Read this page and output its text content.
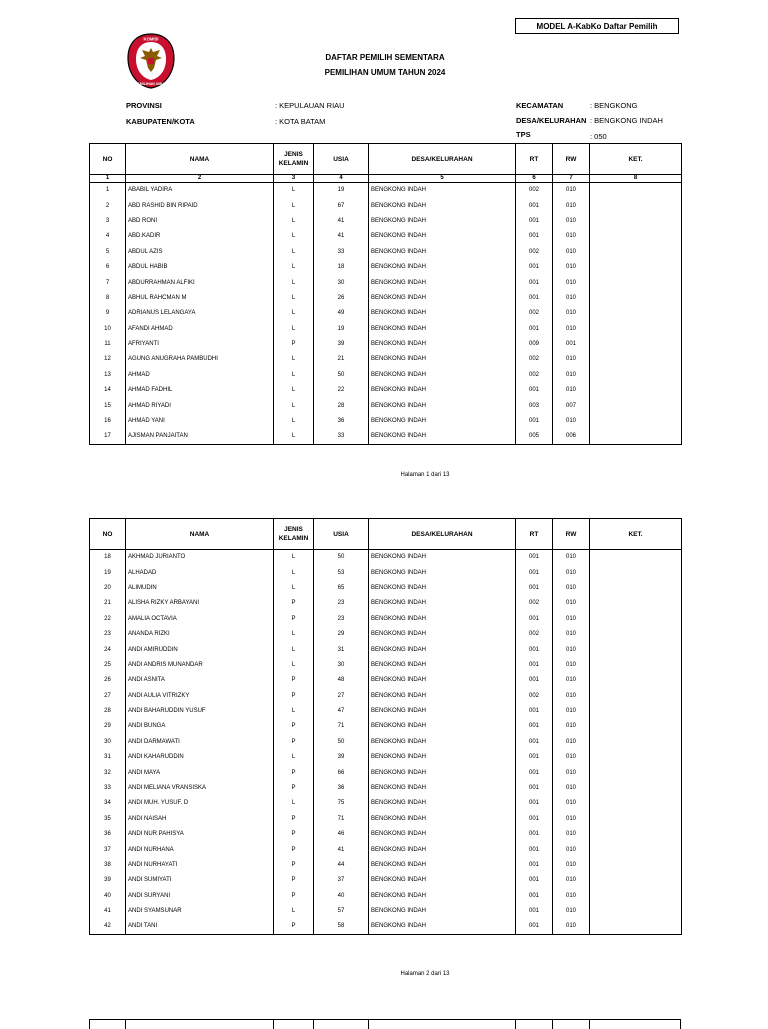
MODEL A-KabKo Daftar Pemilih
KOMISI
PEMILIHAN UMUM
DAFTAR PEMILIH SEMENTARA
PEMILIHAN UMUM TAHUN 2024
PROVINSI	: KEPULAUAN RIAU
KABUPATEN/KOTA	: KOTA BATAM
KECAMATAN	: BENGKONG
DESA/KELURAHAN : BENGKONG INDAH
TPS	: 050
NO	NAMA	JENIS
KELAMIN	USIA	DESA/KELURAHAN	RT	RW	KET.
1	2	3	4	5	6	7	8
1	ABABIL YADIRA	L	19	BENGKONG INDAH	002	010	
2	ABD RASHID BIN RIPAID	L	67	BENGKONG INDAH	001	010	
3	ABD RONI	L	41	BENGKONG INDAH	001	010	
4	ABD.KADIR	L	41	BENGKONG INDAH	001	010	
5	ABDUL AZIS	L	33	BENGKONG INDAH	002	010	
6	ABDUL HABIB	L	18	BENGKONG INDAH	001	010	
7	ABDURRAHMAN ALFIKI	L	30	BENGKONG INDAH	001	010	
8	ABHUL RAHCMAN M	L	26	BENGKONG INDAH	001	010	
9	ADRIANUS LELANGAYA	L	49	BENGKONG INDAH	002	010	
10	AFANDI AHMAD	L	19	BENGKONG INDAH	001	010	
11	AFRIYANTI	P	39	BENGKONG INDAH	009	001	
12	AGUNG ANUGRAHA PAMBUDHI	L	21	BENGKONG INDAH	002	010	
13	AHMAD	L	50	BENGKONG INDAH	002	010	
14	AHMAD FADHIL	L	22	BENGKONG INDAH	001	010	
15	AHMAD RIYADI	L	28	BENGKONG INDAH	003	007	
16	AHMAD YANI	L	36	BENGKONG INDAH	001	010	
17	AJISMAN PANJAITAN	L	33	BENGKONG INDAH	005	006	
Halaman 1 dari 13
NO	NAMA	JENIS
KELAMIN	USIA	DESA/KELURAHAN	RT	RW	KET.
18	AKHMAD JURIANTO	L	50	BENGKONG INDAH	001	010	
19	ALHADAD	L	53	BENGKONG INDAH	001	010	
20	ALIMUDIN	L	65	BENGKONG INDAH	001	010	
21	ALISHA RIZKY ARBAYANI	P	23	BENGKONG INDAH	002	010	
22	AMALIA OCTAVIA	P	23	BENGKONG INDAH	001	010	
23	ANANDA RIZKI	L	29	BENGKONG INDAH	002	010	
24	ANDI AMIRUDDIN	L	31	BENGKONG INDAH	001	010	
25	ANDI ANDRIS MUNANDAR	L	30	BENGKONG INDAH	001	010	
26	ANDI ASNITA	P	48	BENGKONG INDAH	001	010	
27	ANDI AULIA VITRIZKY	P	27	BENGKONG INDAH	002	010	
28	ANDI BAHARUDDIN YUSUF	L	47	BENGKONG INDAH	001	010	
29	ANDI BUNGA	P	71	BENGKONG INDAH	001	010	
30	ANDI DARMAWATI	P	50	BENGKONG INDAH	001	010	
31	ANDI KAHARUDDIN	L	39	BENGKONG INDAH	001	010	
32	ANDI MAYA	P	66	BENGKONG INDAH	001	010	
33	ANDI MELIANA VRANSISKA	P	36	BENGKONG INDAH	001	010	
34	ANDI MUH. YUSUF. D	L	75	BENGKONG INDAH	001	010	
35	ANDI NAISAH	P	71	BENGKONG INDAH	001	010	
36	ANDI NUR PAHISYA	P	46	BENGKONG INDAH	001	010	
37	ANDI NURHANA	P	41	BENGKONG INDAH	001	010	
38	ANDI NURHAYATI	P	44	BENGKONG INDAH	001	010	
39	ANDI SUMIYATI	P	37	BENGKONG INDAH	001	010	
40	ANDI SURYANI	P	40	BENGKONG INDAH	001	010	
41	ANDI SYAMSUNAR	L	57	BENGKONG INDAH	001	010	
42	ANDI TANI	P	58	BENGKONG INDAH	001	010	
Halaman 2 dari 13
